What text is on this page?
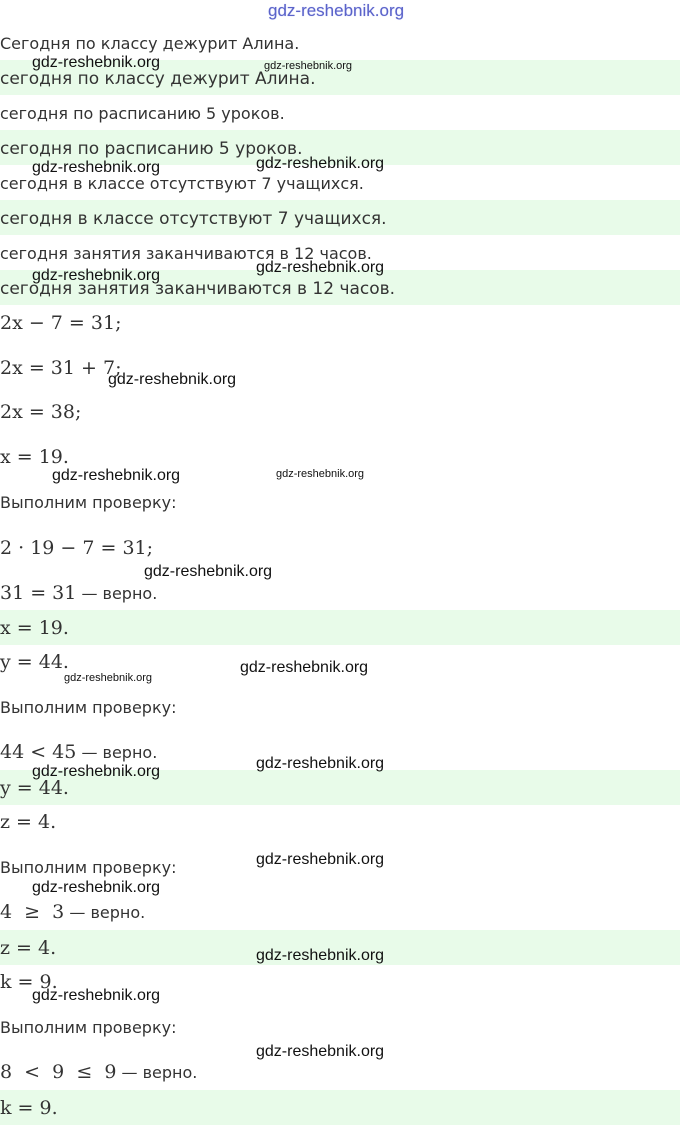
gdz-reshebnik.org
Сегодня по классу дежурит Алина.
сегодня по классу дежурит Алина.
сегодня по расписанию 5 уроков.
сегодня по расписанию 5 уроков.
сегодня в классе отсутствуют 7 учащихся.
сегодня в классе отсутствуют 7 учащихся.
сегодня занятия заканчиваются в 12 часов.
сегодня занятия заканчиваются в 12 часов.
2x − 7 = 31;
2x = 31 + 7;
2x = 38;
x = 19.
Выполним проверку:
2 · 19 − 7 = 31;
31 = 31 — верно.
x = 19.
y = 44.
Выполним проверку:
44 < 45 — верно.
y = 44.
z = 4.
Выполним проверку:
4  ≥  3 — верно.
z = 4.
k = 9.
Выполним проверку:
8  <  9  ≤  9 — верно.
k = 9.
gdz-reshebnik.org	gdz-reshebnik.org
gdz-reshebnik.org	gdz-reshebnik.org
gdz-reshebnik.org	gdz-reshebnik.org
gdz-reshebnik.org
gdz-reshebnik.org	gdz-reshebnik.org
gdz-reshebnik.org
gdz-reshebnik.org
gdz-reshebnik.org
gdz-reshebnik.org	gdz-reshebnik.org
gdz-reshebnik.org
gdz-reshebnik.org
gdz-reshebnik.org
gdz-reshebnik.org
gdz-reshebnik.org
